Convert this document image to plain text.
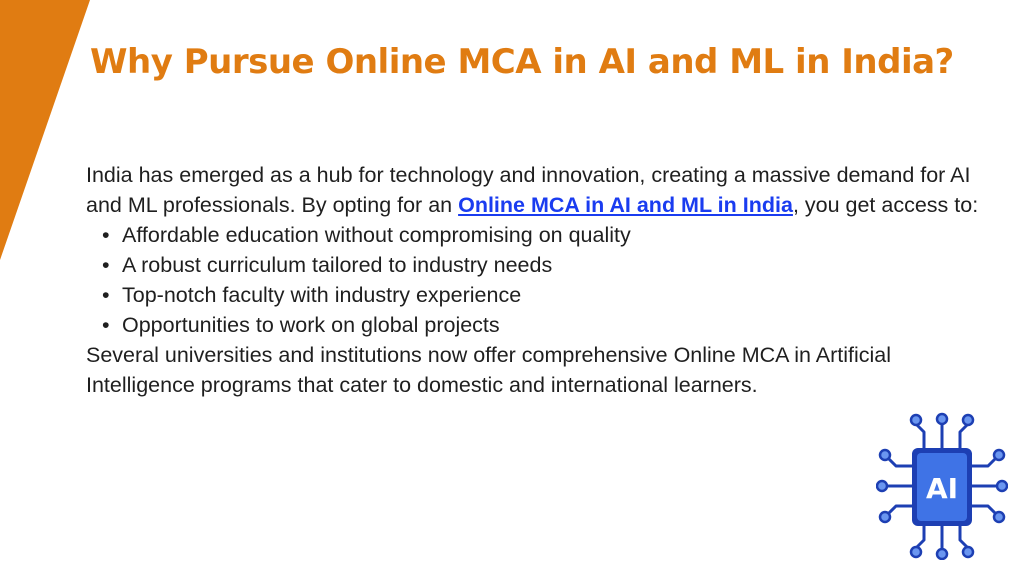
Why Pursue Online MCA in AI and ML in India?

India has emerged as a hub for technology and innovation, creating a massive demand for AI and ML professionals. By opting for an Online MCA in AI and ML in India, you get access to:

• Affordable education without compromising on quality
• A robust curriculum tailored to industry needs
• Top-notch faculty with industry experience
• Opportunities to work on global projects

Several universities and institutions now offer comprehensive Online MCA in Artificial Intelligence programs that cater to domestic and international learners.

AI
